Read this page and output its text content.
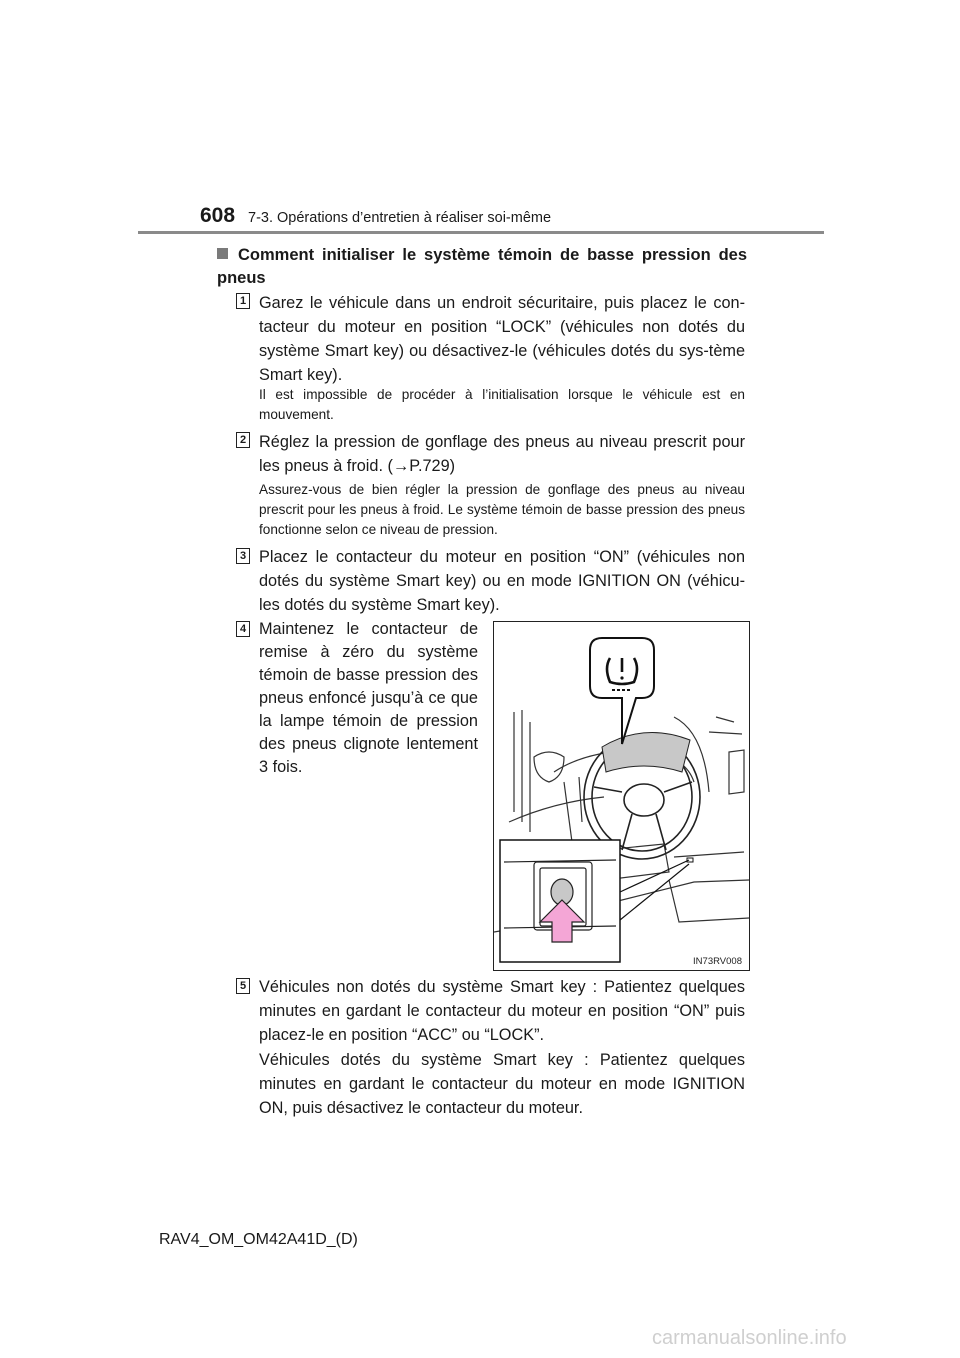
608 7-3. Opérations d’entretien à réaliser soi-même
Comment initialiser le système témoin de basse pression des pneus
1 Garez le véhicule dans un endroit sécuritaire, puis placez le con-tacteur du moteur en position “LOCK” (véhicules non dotés du système Smart key) ou désactivez-le (véhicules dotés du sys-tème Smart key).
Il est impossible de procéder à l’initialisation lorsque le véhicule est en mouvement.
2 Réglez la pression de gonflage des pneus au niveau prescrit pour les pneus à froid. (→P.729)
Assurez-vous de bien régler la pression de gonflage des pneus au niveau prescrit pour les pneus à froid. Le système témoin de basse pression des pneus fonctionne selon ce niveau de pression.
3 Placez le contacteur du moteur en position “ON” (véhicules non dotés du système Smart key) ou en mode IGNITION ON (véhicu-les dotés du système Smart key).
4 Maintenez le contacteur de remise à zéro du système témoin de basse pression des pneus enfoncé jusqu’à ce que la lampe témoin de pression des pneus clignote lentement 3 fois.
IN73RV008
5 Véhicules non dotés du système Smart key : Patientez quelques minutes en gardant le contacteur du moteur en position “ON” puis placez-le en position “ACC” ou “LOCK”.
Véhicules dotés du système Smart key : Patientez quelques minutes en gardant le contacteur du moteur en mode IGNITION ON, puis désactivez le contacteur du moteur.
RAV4_OM_OM42A41D_(D)
carmanualsonline.info
